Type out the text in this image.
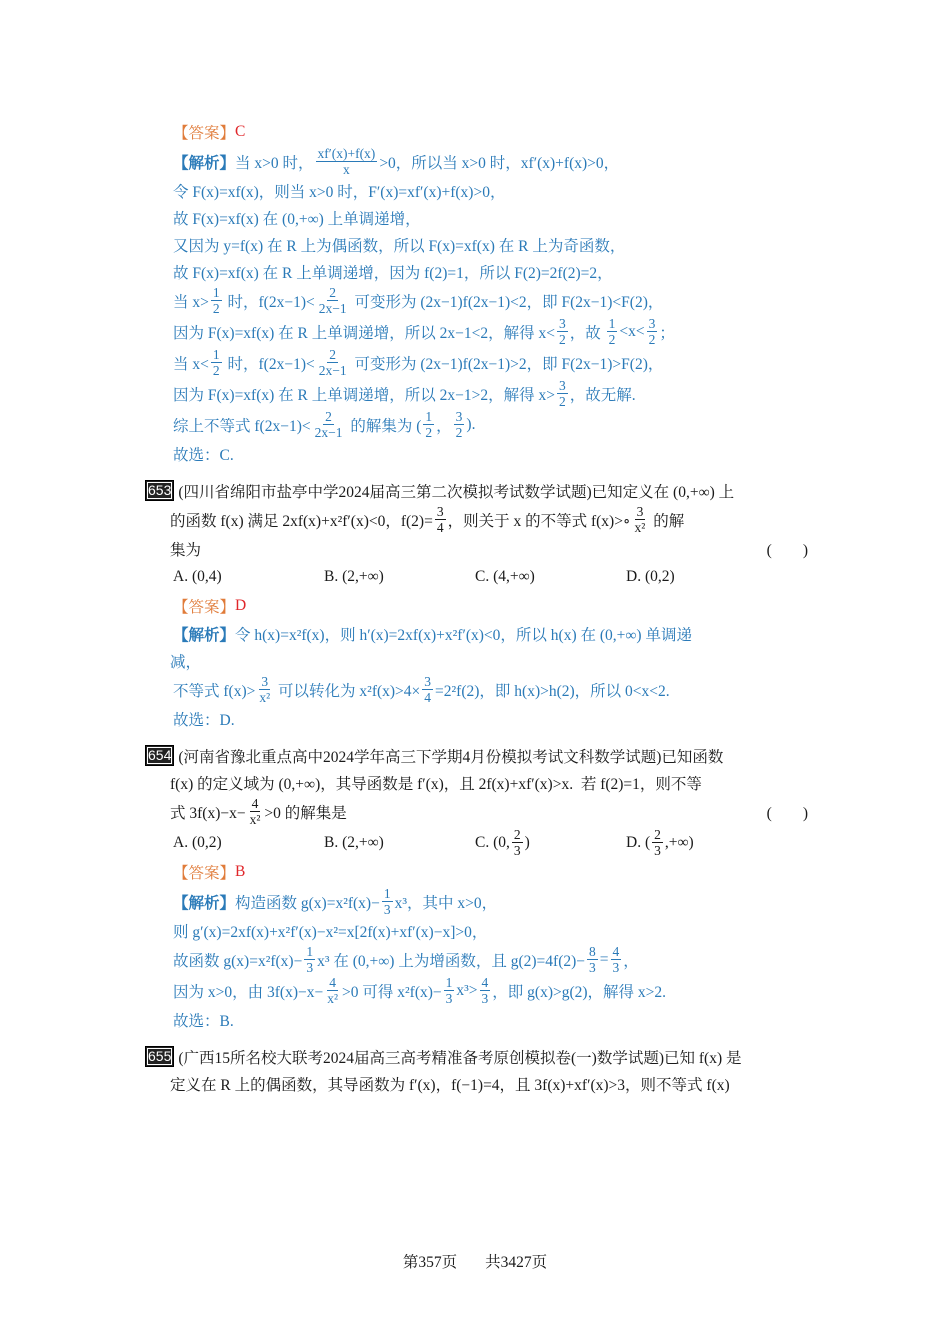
【答案】 C
【解析】 当 x>0 时， $\frac{xf'(x)+f(x)}{x} >0$，所以当 x>0 时，xf′(x)+f(x)>0，
令 F(x)=xf(x)，则当 x>0 时，F′(x)=xf′(x)+f(x)>0，
故 F(x)=xf(x) 在 (0,+∞) 上单调递增，
又因为 y=f(x) 在 R 上为偶函数，所以 F(x)=xf(x) 在 R 上为奇函数，
故 F(x)=xf(x) 在 R 上单调递增，因为 f(2)=1，所以 F(2)=2f(2)=2，
当 $x> \frac{1}{2}$ 时，$f(2x-1)< \frac{2}{2x-1}$ 可变形为 (2x−1)f(2x−1)<2，即 F(2x−1)<F(2)，
因为 F(x)=xf(x) 在 R 上单调递增，所以 2x−1<2，解得 $x< \frac{3}{2}$ ，故 $\frac{1}{2} <x< \frac{3}{2}$ ；
当 $x< \frac{1}{2}$ 时，$f(2x-1)< \frac{2}{2x-1}$ 可变形为 (2x−1)f(2x−1)>2，即 F(2x−1)>F(2)，
因为 F(x)=xf(x) 在 R 上单调递增，所以 2x−1>2，解得 $x> \frac{3}{2}$ ，故无解.
综上不等式 $f(2x-1)< \frac{2}{2x-1}$ 的解集为 ( $\frac{1}{2}$ ， $\frac{3}{2}$ ).
故选：C.
653 (四川省绵阳市盐亭中学2024届高三第二次模拟考试数学试题)已知定义在 (0,+∞) 上
的函数 f(x) 满足 2xf(x)+x²f′(x)<0，$f(2)= \frac{3}{4}$ ，则关于 x 的不等式 f(x)>∘ $\frac{3}{\text{x²}}$ 的解
集为	(　　)
A. (0,4)	B. (2,+∞)	C. (4,+∞)	D. (0,2)
【答案】 D
【解析】 令 h(x)=x²f(x)，则 h′(x)=2xf(x)+x²f′(x)<0，所以 h(x) 在 (0,+∞) 单调递
减，
不等式 $f(x)> \frac{3}{\text{x²}}$ 可以转化为 $x^2f(x)>4\times \frac{3}{4} =2^2f(2)$，即 h(x)>h(2)，所以 0<x<2.
故选：D.
654 (河南省豫北重点高中2024学年高三下学期4月份模拟考试文科数学试题)已知函数
f(x) 的定义域为 (0,+∞)，其导函数是 f′(x)，且 2f(x)+xf′(x)>x.  若 f(2)=1，则不等
式 $3f(x)-x- \frac{4}{\text{x²}} >0$ 的解集是	(　　)
A. (0,2)	B. (2,+∞)	C. (0, $\frac{2}{3}$ )	D. ( $\frac{2}{3}$ ,+∞)
【答案】 B
【解析】 构造函数 $g(x)=x^2f(x)- \frac{1}{3} x^3$，其中 x>0，
则 g′(x)=2xf(x)+x²f′(x)−x²=x[2f(x)+xf′(x)−x]>0，
故函数 $g(x)=x^2f(x)- \frac{1}{3} x^3$ 在 (0,+∞) 上为增函数，且 $g(2)=4f(2)- \frac{8}{3} = \frac{4}{3}$ ，
因为 x>0，由 $3f(x)-x- \frac{4}{\text{x²}} >0$ 可得 $x^2f(x)- \frac{1}{3} x^3> \frac{4}{3}$ ，即 g(x)>g(2)，解得 x>2.
故选：B.
655 (广西15所名校大联考2024届高三高考精准备考原创模拟卷(一)数学试题)已知 f(x) 是
定义在 R 上的偶函数，其导函数为 f′(x)，f(−1)=4，且 3f(x)+xf′(x)>3，则不等式 f(x)
第357页 共3427页
